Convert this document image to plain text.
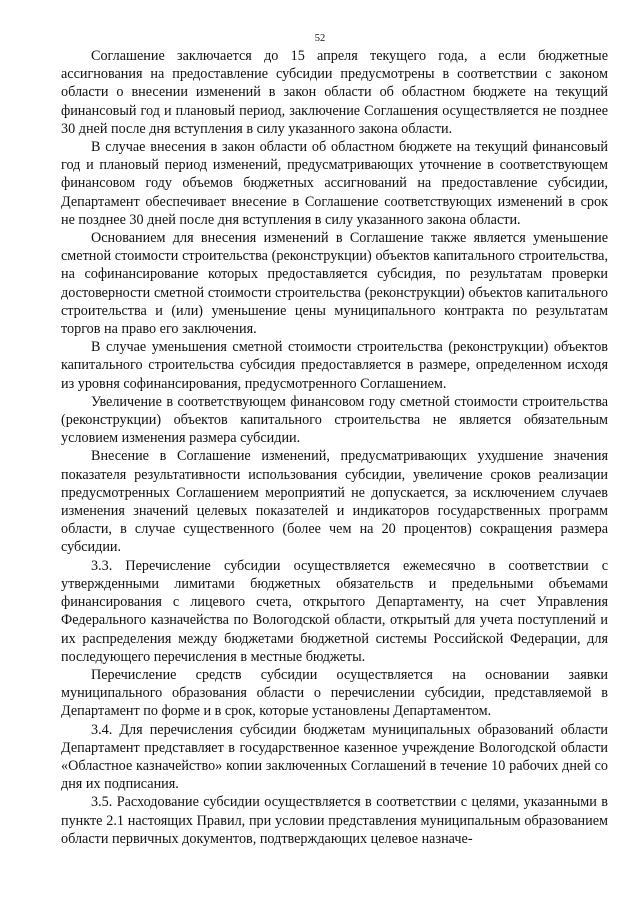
52

Соглашение заключается до 15 апреля текущего года, а если бюджетные ассигнования на предоставление субсидии предусмотрены в соответствии с законом области о внесении изменений в закон области об областном бюджете на текущий финансовый год и плановый период, заключение Соглашения осуществляется не позднее 30 дней после дня вступления в силу указанного закона области.

В случае внесения в закон области об областном бюджете на текущий финансовый год и плановый период изменений, предусматривающих уточнение в соответствующем финансовом году объемов бюджетных ассигнований на предоставление субсидии, Департамент обеспечивает внесение в Соглашение соответствующих изменений в срок не позднее 30 дней после дня вступления в силу указанного закона области.

Основанием для внесения изменений в Соглашение также является уменьшение сметной стоимости строительства (реконструкции) объектов капитального строительства, на софинансирование которых предоставляется субсидия, по результатам проверки достоверности сметной стоимости строительства (реконструкции) объектов капитального строительства и (или) уменьшение цены муниципального контракта по результатам торгов на право его заключения.

В случае уменьшения сметной стоимости строительства (реконструкции) объектов капитального строительства субсидия предоставляется в размере, определенном исходя из уровня софинансирования, предусмотренного Соглашением.

Увеличение в соответствующем финансовом году сметной стоимости строительства (реконструкции) объектов капитального строительства не является обязательным условием изменения размера субсидии.

Внесение в Соглашение изменений, предусматривающих ухудшение значения показателя результативности использования субсидии, увеличение сроков реализации предусмотренных Соглашением мероприятий не допускается, за исключением случаев изменения значений целевых показателей и индикаторов государственных программ области, в случае существенного (более чем на 20 процентов) сокращения размера субсидии.

3.3. Перечисление субсидии осуществляется ежемесячно в соответствии с утвержденными лимитами бюджетных обязательств и предельными объемами финансирования с лицевого счета, открытого Департаменту, на счет Управления Федерального казначейства по Вологодской области, открытый для учета поступлений и их распределения между бюджетами бюджетной системы Российской Федерации, для последующего перечисления в местные бюджеты.

Перечисление средств субсидии осуществляется на основании заявки муниципального образования области о перечислении субсидии, представляемой в Департамент по форме и в срок, которые установлены Департаментом.

3.4. Для перечисления субсидии бюджетам муниципальных образований области Департамент представляет в государственное казенное учреждение Вологодской области «Областное казначейство» копии заключенных Соглашений в течение 10 рабочих дней со дня их подписания.

3.5. Расходование субсидии осуществляется в соответствии с целями, указанными в пункте 2.1 настоящих Правил, при условии представления муниципальным образованием области первичных документов, подтверждающих целевое назначе-
